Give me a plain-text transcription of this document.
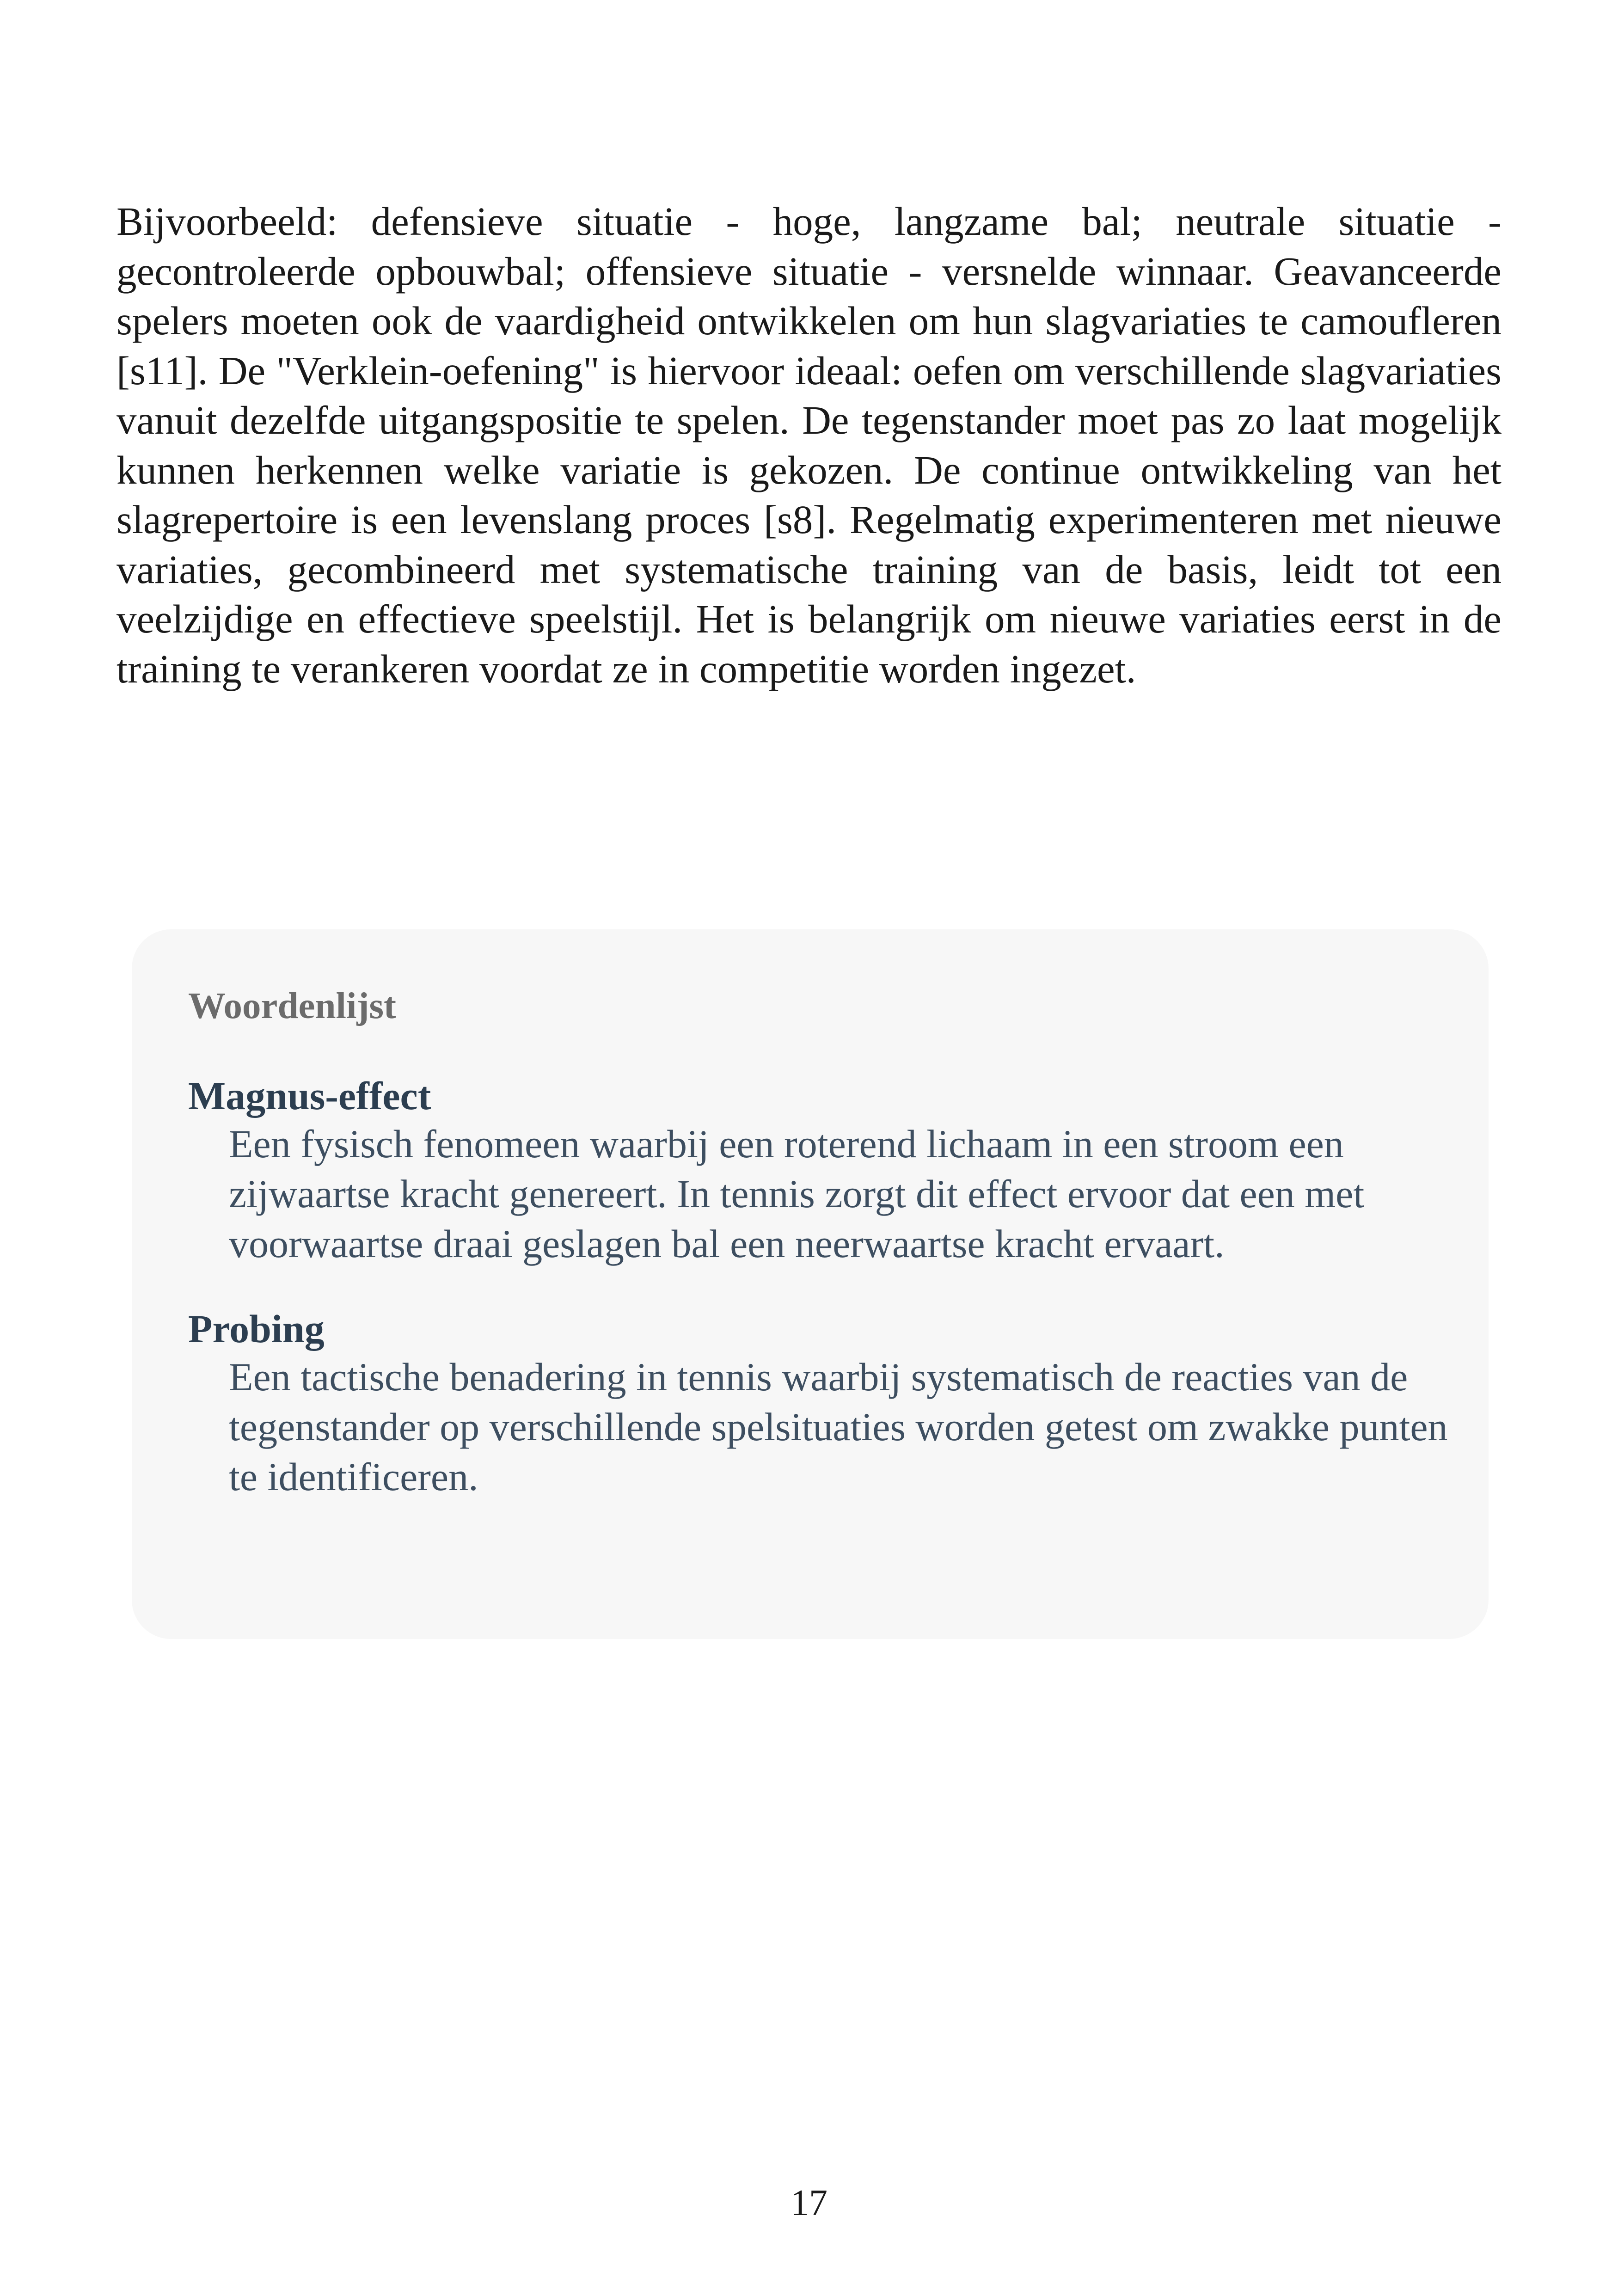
Bijvoorbeeld: defensieve situatie - hoge, langzame bal; neutrale situatie - gecontroleerde opbouwbal; offensieve situatie - versnelde winnaar. Geavanceerde spelers moeten ook de vaardigheid ontwikkelen om hun slagvariaties te camoufleren [s11]. De "Verklein-oefening" is hiervoor ideaal: oefen om verschillende slagvariaties vanuit dezelfde uitgangspositie te spelen. De tegenstander moet pas zo laat mogelijk kunnen herkennen welke variatie is gekozen. De continue ontwikkeling van het slagrepertoire is een levenslang proces [s8]. Regelmatig experimenteren met nieuwe variaties, gecombineerd met systematische training van de basis, leidt tot een veelzijdige en effectieve speelstijl. Het is belangrijk om nieuwe variaties eerst in de training te verankeren voordat ze in competitie worden ingezet.

Woordenlijst

Magnus-effect

Een fysisch fenomeen waarbij een roterend lichaam in een stroom een zijwaartse kracht genereert. In tennis zorgt dit effect ervoor dat een met voorwaartse draai geslagen bal een neerwaartse kracht ervaart.

Probing

Een tactische benadering in tennis waarbij systematisch de reacties van de tegenstander op verschillende spelsituaties worden getest om zwakke punten te identificeren.

17
